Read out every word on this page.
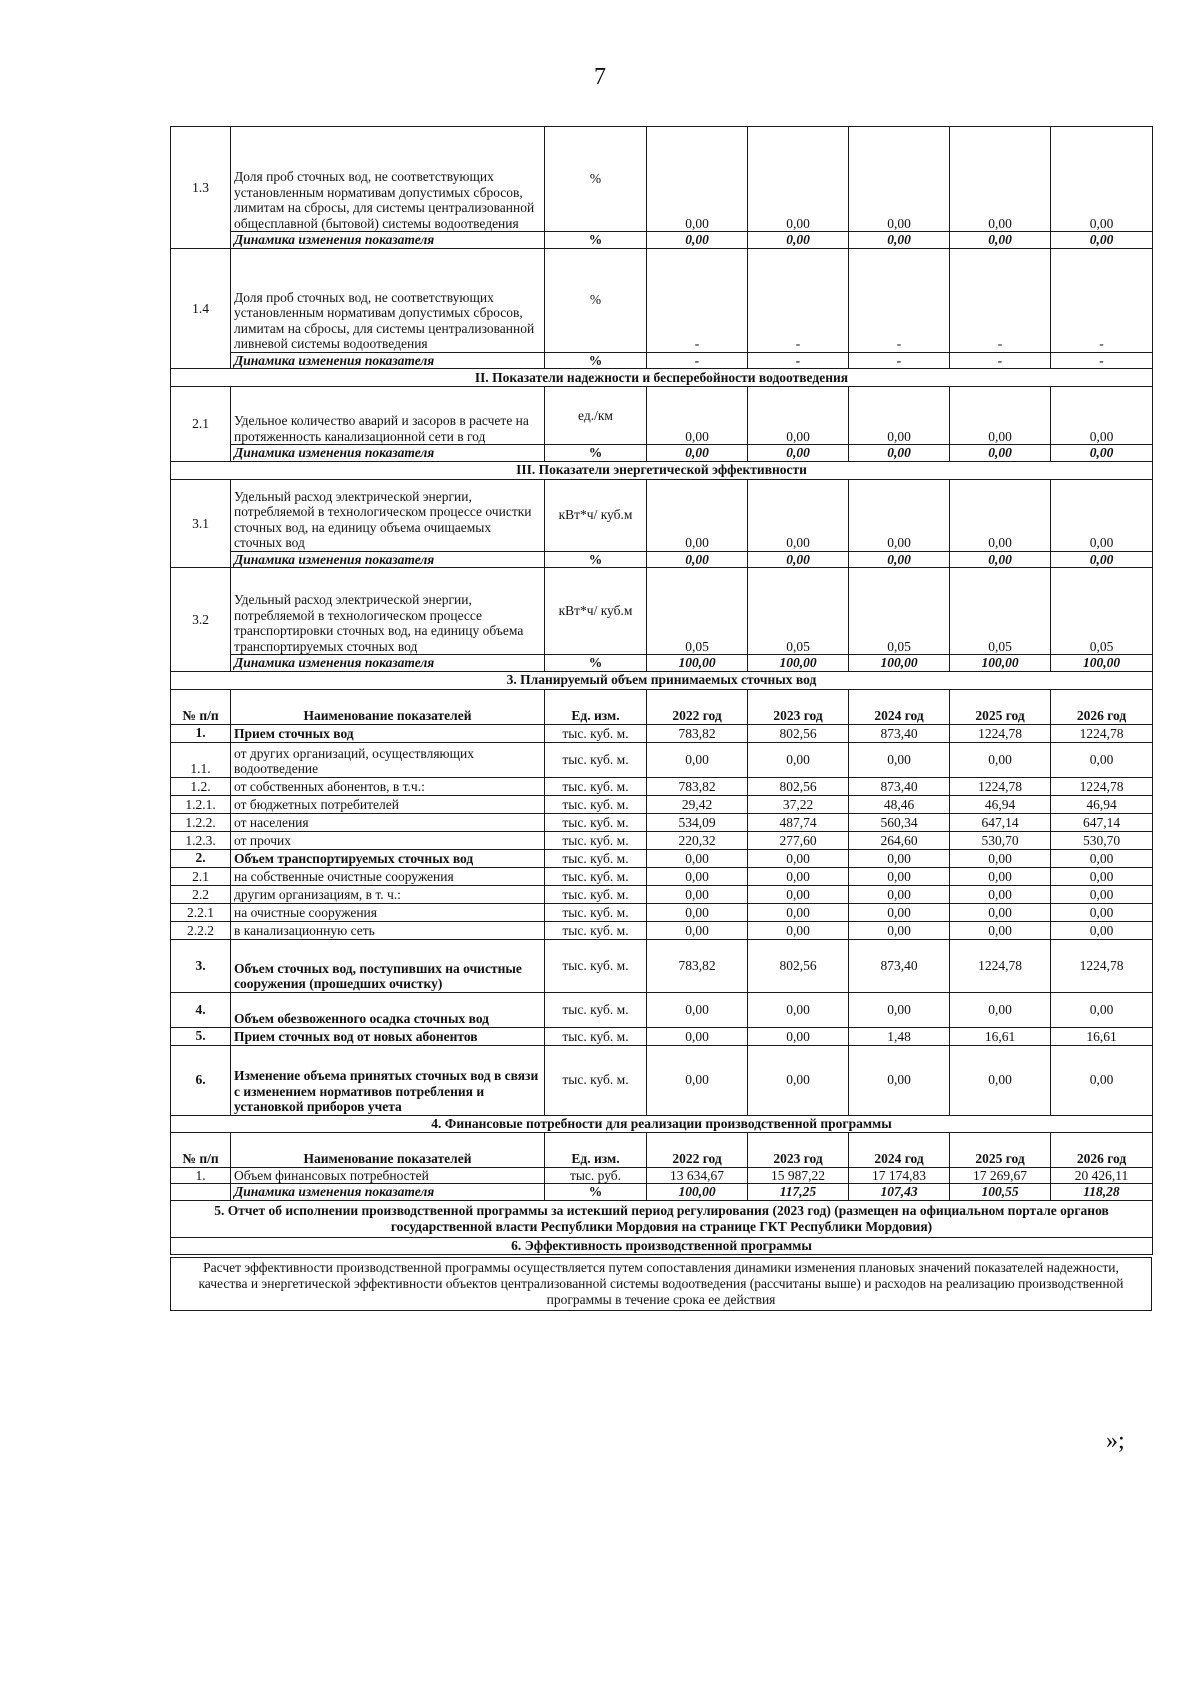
7
1.3	Доля проб сточных вод, не соответствующих установленным нормативам допустимых сбросов, лимитам на сбросы, для системы централизованной общесплавной (бытовой) системы водоотведения	%	0,00	0,00	0,00	0,00	0,00
	Динамика изменения показателя	%	0,00	0,00	0,00	0,00	0,00
1.4	Доля проб сточных вод, не соответствующих установленным нормативам допустимых сбросов, лимитам на сбросы, для системы централизованной ливневой системы водоотведения	%	-	-	-	-	-
	Динамика изменения показателя	%	-	-	-	-	-
II. Показатели надежности и бесперебойности водоотведения							
2.1	Удельное количество аварий и засоров в расчете на протяженность канализационной сети в год	ед./км	0,00	0,00	0,00	0,00	0,00
	Динамика изменения показателя	%	0,00	0,00	0,00	0,00	0,00
III. Показатели энергетической эффективности							
3.1	Удельный расход электрической энергии, потребляемой в технологическом процессе очистки сточных вод, на единицу объема очищаемых сточных вод	кВт*ч/ куб.м	0,00	0,00	0,00	0,00	0,00
	Динамика изменения показателя	%	0,00	0,00	0,00	0,00	0,00
3.2	Удельный расход электрической энергии, потребляемой в технологическом процессе транспортировки сточных вод, на единицу объема транспортируемых сточных вод	кВт*ч/ куб.м	0,05	0,05	0,05	0,05	0,05
	Динамика изменения показателя	%	100,00	100,00	100,00	100,00	100,00
3. Планируемый объем принимаемых сточных вод							
№ п/п	Наименование показателей	Ед. изм.	2022 год	2023 год	2024 год	2025 год	2026 год
1.	Прием сточных вод	тыс. куб. м.	783,82	802,56	873,40	1224,78	1224,78
1.1.	от других организаций, осуществляющих водоотведение	тыс. куб. м.	0,00	0,00	0,00	0,00	0,00
1.2.	от собственных абонентов, в т.ч.:	тыс. куб. м.	783,82	802,56	873,40	1224,78	1224,78
1.2.1.	от бюджетных потребителей	тыс. куб. м.	29,42	37,22	48,46	46,94	46,94
1.2.2.	от населения	тыс. куб. м.	534,09	487,74	560,34	647,14	647,14
1.2.3.	от прочих	тыс. куб. м.	220,32	277,60	264,60	530,70	530,70
2.	Объем транспортируемых сточных вод	тыс. куб. м.	0,00	0,00	0,00	0,00	0,00
2.1	на собственные очистные сооружения	тыс. куб. м.	0,00	0,00	0,00	0,00	0,00
2.2	другим организациям, в т. ч.:	тыс. куб. м.	0,00	0,00	0,00	0,00	0,00
2.2.1	на очистные сооружения	тыс. куб. м.	0,00	0,00	0,00	0,00	0,00
2.2.2	в канализационную сеть	тыс. куб. м.	0,00	0,00	0,00	0,00	0,00
3.	Объем сточных вод, поступивших на очистные сооружения (прошедших очистку)	тыс. куб. м.	783,82	802,56	873,40	1224,78	1224,78
4.	Объем обезвоженного осадка сточных вод	тыс. куб. м.	0,00	0,00	0,00	0,00	0,00
5.	Прием сточных вод от новых абонентов	тыс. куб. м.	0,00	0,00	1,48	16,61	16,61
6.	Изменение объема принятых сточных вод в связи с изменением нормативов потребления и установкой приборов учета	тыс. куб. м.	0,00	0,00	0,00	0,00	0,00
4. Финансовые потребности для реализации производственной программы							
№ п/п	Наименование показателей	Ед. изм.	2022 год	2023 год	2024 год	2025 год	2026 год
1.	Объем финансовых потребностей	тыс. руб.	13 634,67	15 987,22	17 174,83	17 269,67	20 426,11
	Динамика изменения показателя	%	100,00	117,25	107,43	100,55	118,28
5. Отчет об исполнении производственной программы за истекший период регулирования (2023 год) (размещен на официальном портале органов государственной власти Республики Мордовия на странице ГКТ Республики Мордовия)							
6. Эффективность производственной программы							
Расчет эффективности производственной программы осуществляется путем сопоставления динамики изменения плановых значений показателей надежности, качества и энергетической эффективности объектов централизованной системы водоотведения (рассчитаны выше) и расходов на реализацию производственной программы в течение срока ее действия
»;
